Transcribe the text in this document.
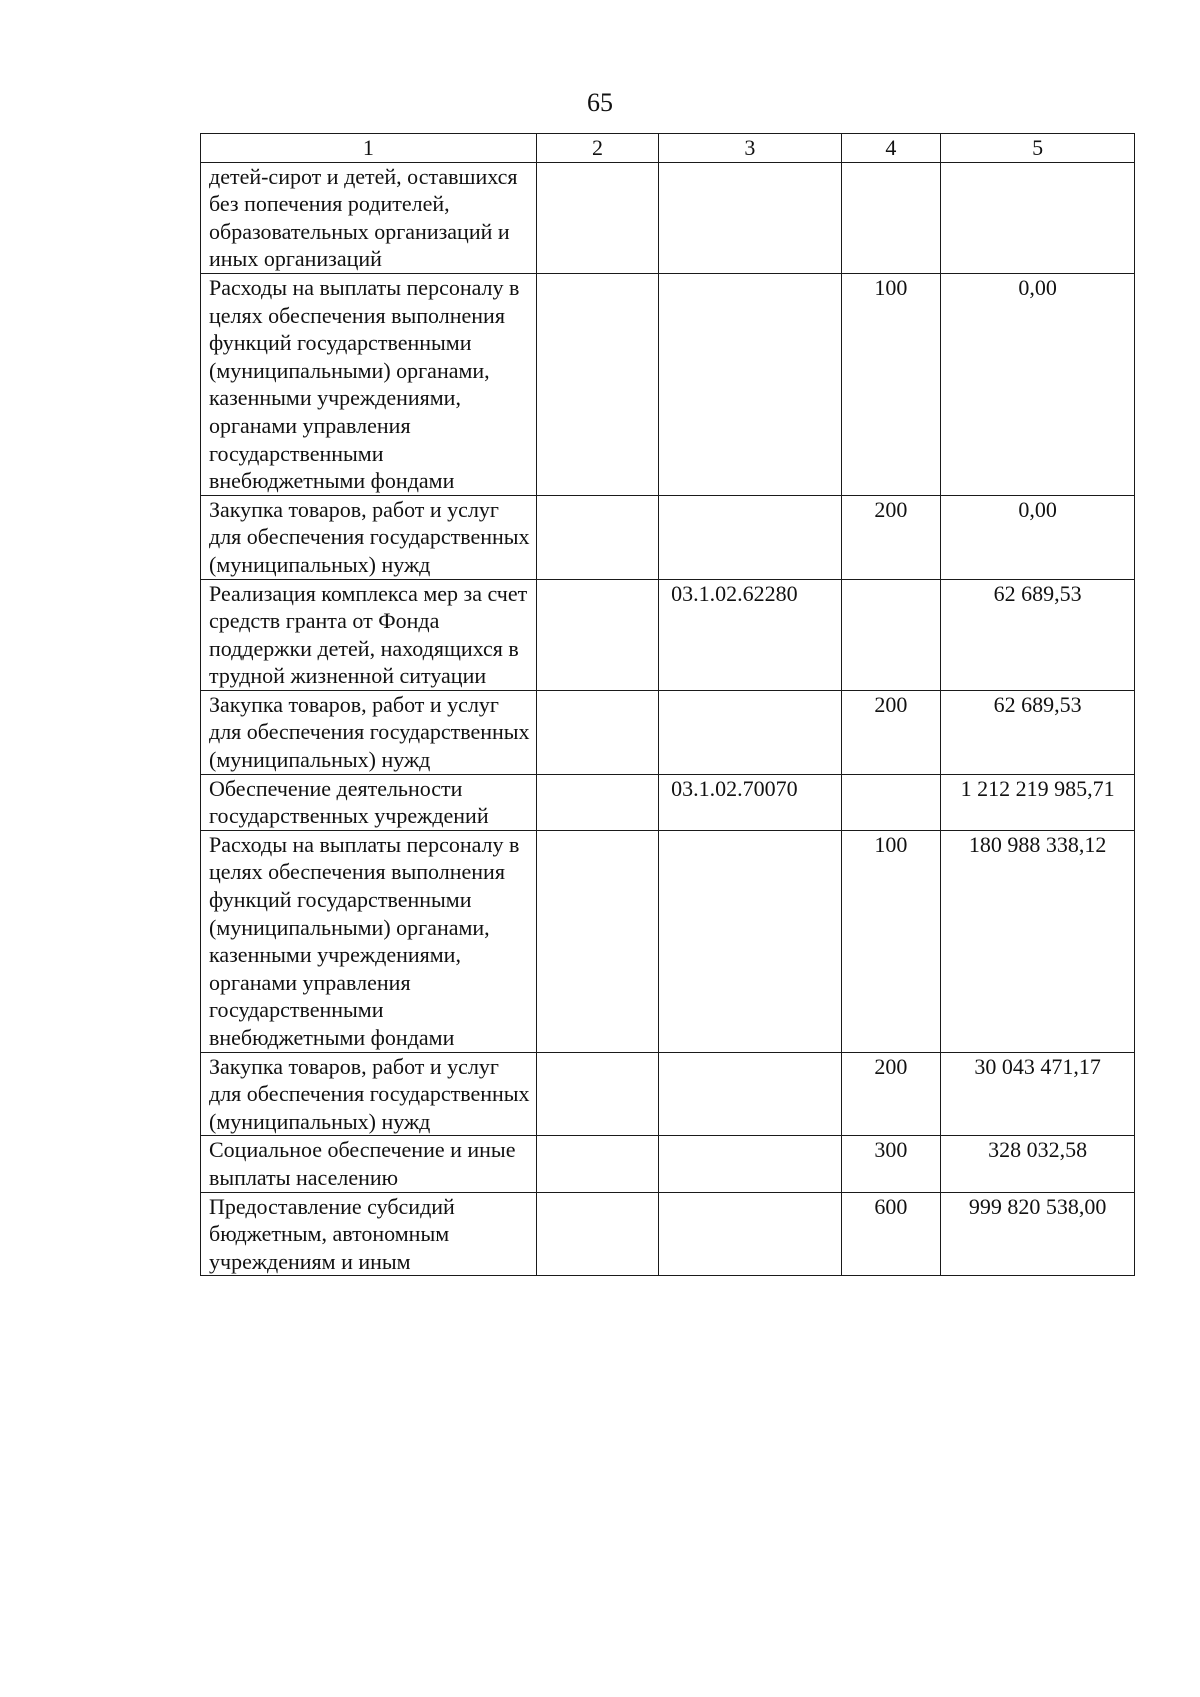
65
1	2	3	4	5
детей-сирот и детей, оставшихся без попечения родителей, образовательных организаций и иных организаций				
Расходы на выплаты персоналу в целях обеспечения выполнения функций государственными (муниципальными) органами, казенными учреждениями, органами управления государственными внебюджетными фондами			100	0,00
Закупка товаров, работ и услуг для обеспечения государственных (муниципальных) нужд			200	0,00
Реализация комплекса мер за счет средств гранта от Фонда поддержки детей, находящихся в трудной жизненной ситуации		03.1.02.62280		62 689,53
Закупка товаров, работ и услуг для обеспечения государственных (муниципальных) нужд			200	62 689,53
Обеспечение деятельности государственных учреждений		03.1.02.70070		1 212 219 985,71
Расходы на выплаты персоналу в целях обеспечения выполнения функций государственными (муниципальными) органами, казенными учреждениями, органами управления государственными внебюджетными фондами			100	180 988 338,12
Закупка товаров, работ и услуг для обеспечения государственных (муниципальных) нужд			200	30 043 471,17
Социальное обеспечение и иные выплаты населению			300	328 032,58
Предоставление субсидий бюджетным, автономным учреждениям и иным			600	999 820 538,00
